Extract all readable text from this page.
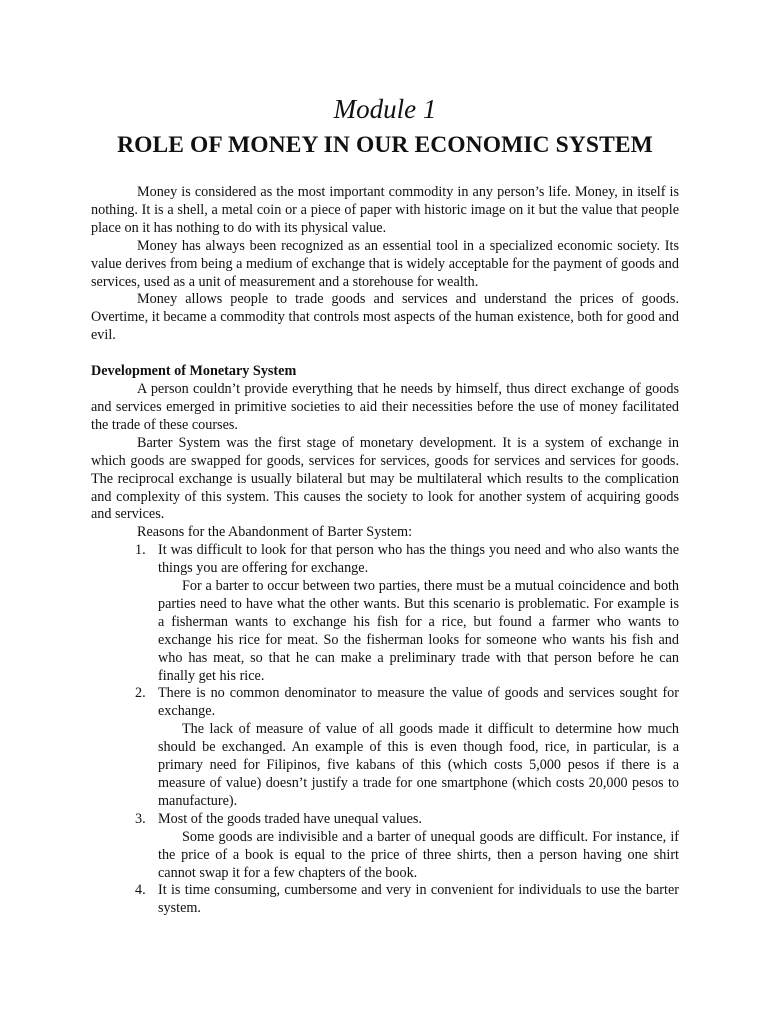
Module 1
ROLE OF MONEY IN OUR ECONOMIC SYSTEM

Money is considered as the most important commodity in any person’s life. Money, in itself is nothing. It is a shell, a metal coin or a piece of paper with historic image on it but the value that people place on it has nothing to do with its physical value.

Money has always been recognized as an essential tool in a specialized economic society. Its value derives from being a medium of exchange that is widely acceptable for the payment of goods and services, used as a unit of measurement and a storehouse for wealth.

Money allows people to trade goods and services and understand the prices of goods. Overtime, it became a commodity that controls most aspects of the human existence, both for good and evil.

Development of Monetary System

A person couldn’t provide everything that he needs by himself, thus direct exchange of goods and services emerged in primitive societies to aid their necessities before the use of money facilitated the trade of these courses.

Barter System was the first stage of monetary development. It is a system of exchange in which goods are swapped for goods, services for services, goods for services and services for goods. The reciprocal exchange is usually bilateral but may be multilateral which results to the complication and complexity of this system. This causes the society to look for another system of acquiring goods and services.

Reasons for the Abandonment of Barter System:

1. It was difficult to look for that person who has the things you need and who also wants the things you are offering for exchange.

For a barter to occur between two parties, there must be a mutual coincidence and both parties need to have what the other wants. But this scenario is problematic. For example is a fisherman wants to exchange his fish for a rice, but found a farmer who wants to exchange his rice for meat. So the fisherman looks for someone who wants his fish and who has meat, so that he can make a preliminary trade with that person before he can finally get his rice.

2. There is no common denominator to measure the value of goods and services sought for exchange.

The lack of measure of value of all goods made it difficult to determine how much should be exchanged. An example of this is even though food, rice, in particular, is a primary need for Filipinos, five kabans of this (which costs 5,000 pesos if there is a measure of value) doesn’t justify a trade for one smartphone (which costs 20,000 pesos to manufacture).

3. Most of the goods traded have unequal values.

Some goods are indivisible and a barter of unequal goods are difficult. For instance, if the price of a book is equal to the price of three shirts, then a person having one shirt cannot swap it for a few chapters of the book.

4. It is time consuming, cumbersome and very in convenient for individuals to use the barter system.
